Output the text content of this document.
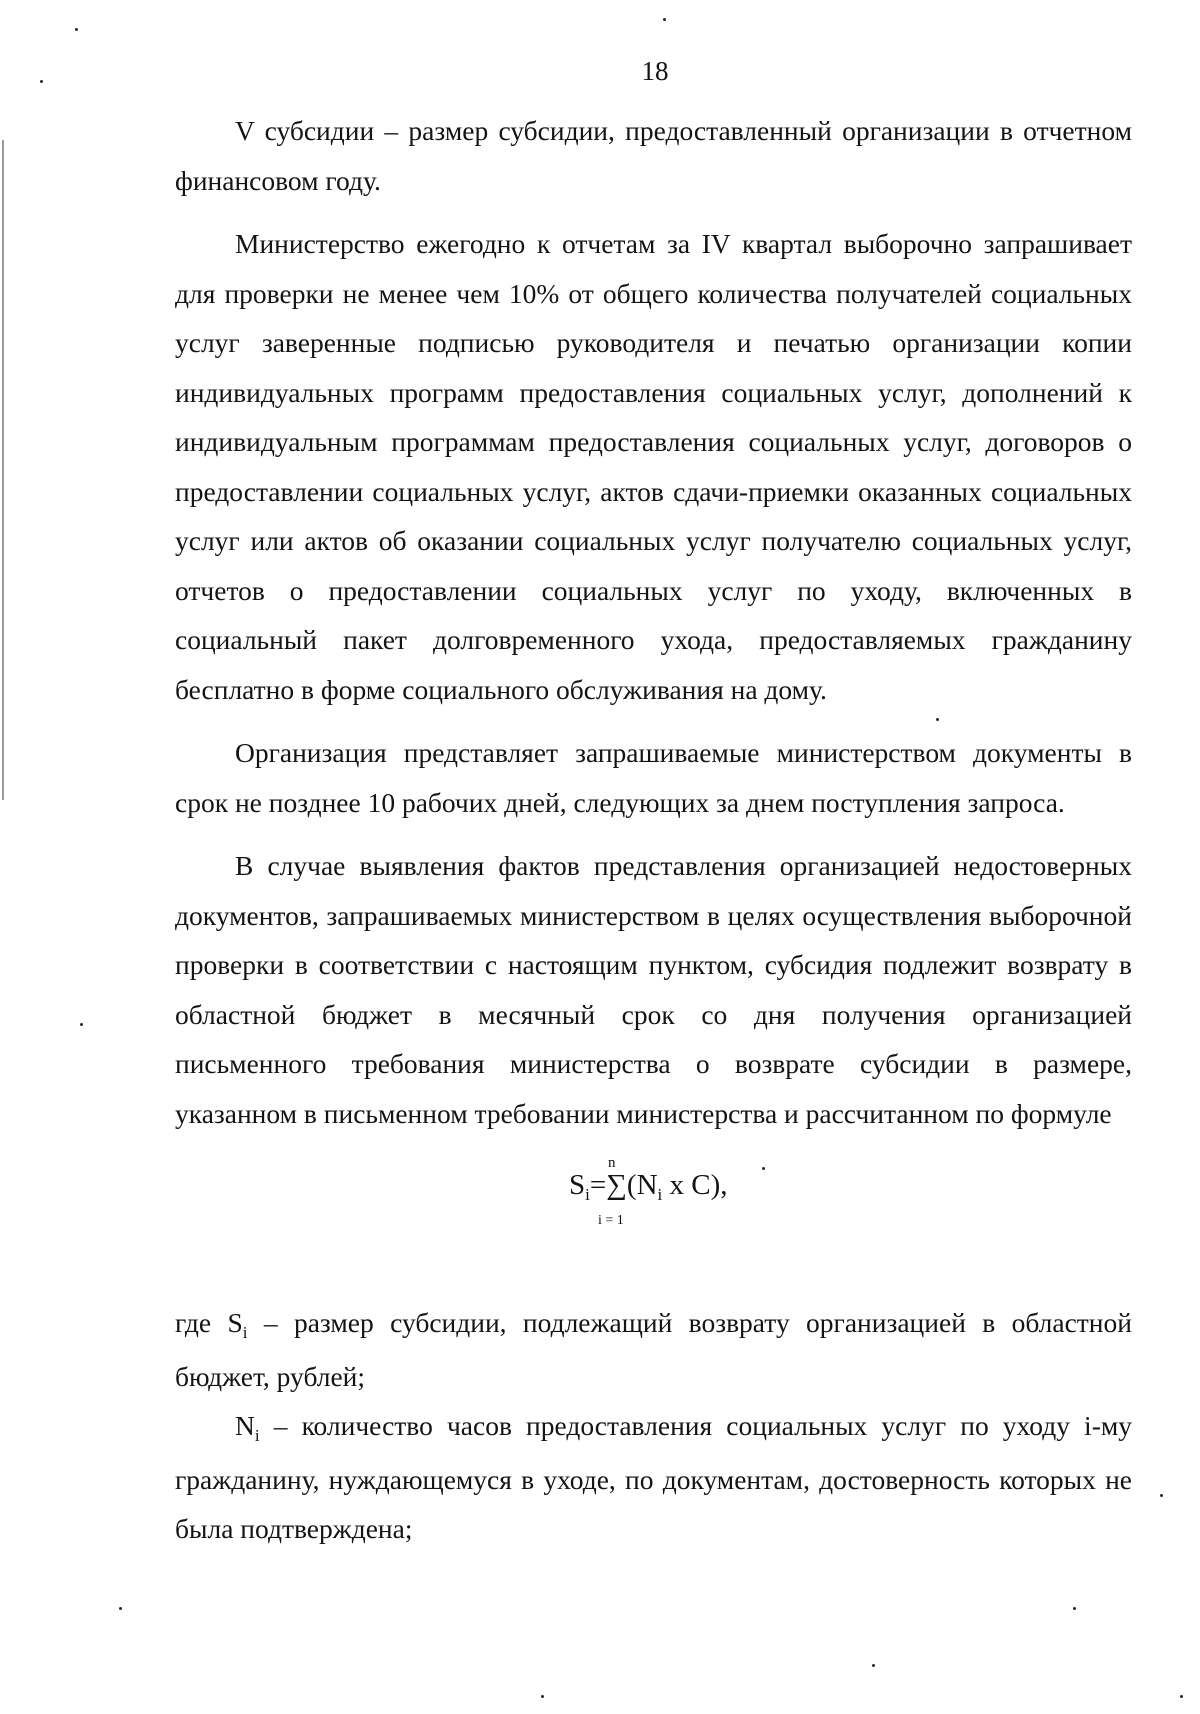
18

V субсидии – размер субсидии, предоставленный организации в отчетном финансовом году.

Министерство ежегодно к отчетам за IV квартал выборочно запрашивает для проверки не менее чем 10% от общего количества получателей социальных услуг заверенные подписью руководителя и печатью организации копии индивидуальных программ предоставления социальных услуг, дополнений к индивидуальным программам предоставления социальных услуг, договоров о предоставлении социальных услуг, актов сдачи-приемки оказанных социальных услуг или актов об оказании социальных услуг получателю социальных услуг, отчетов о предоставлении социальных услуг по уходу, включенных в социальный пакет долговременного ухода, предоставляемых гражданину бесплатно в форме социального обслуживания на дому.

Организация представляет запрашиваемые министерством документы в срок не позднее 10 рабочих дней, следующих за днем поступления запроса.

В случае выявления фактов представления организацией недостоверных документов, запрашиваемых министерством в целях осуществления выборочной проверки в соответствии с настоящим пунктом, субсидия подлежит возврату в областной бюджет в месячный срок со дня получения организацией письменного требования министерства о возврате субсидии в размере, указанном в письменном требовании министерства и рассчитанном по формуле

n
$S_i=\sum(N_i$ x C),
i = 1

где $S_i$ – размер субсидии, подлежащий возврату организацией в областной бюджет, рублей;

$N_i$ – количество часов предоставления социальных услуг по уходу i-му гражданину, нуждающемуся в уходе, по документам, достоверность которых не была подтверждена;
